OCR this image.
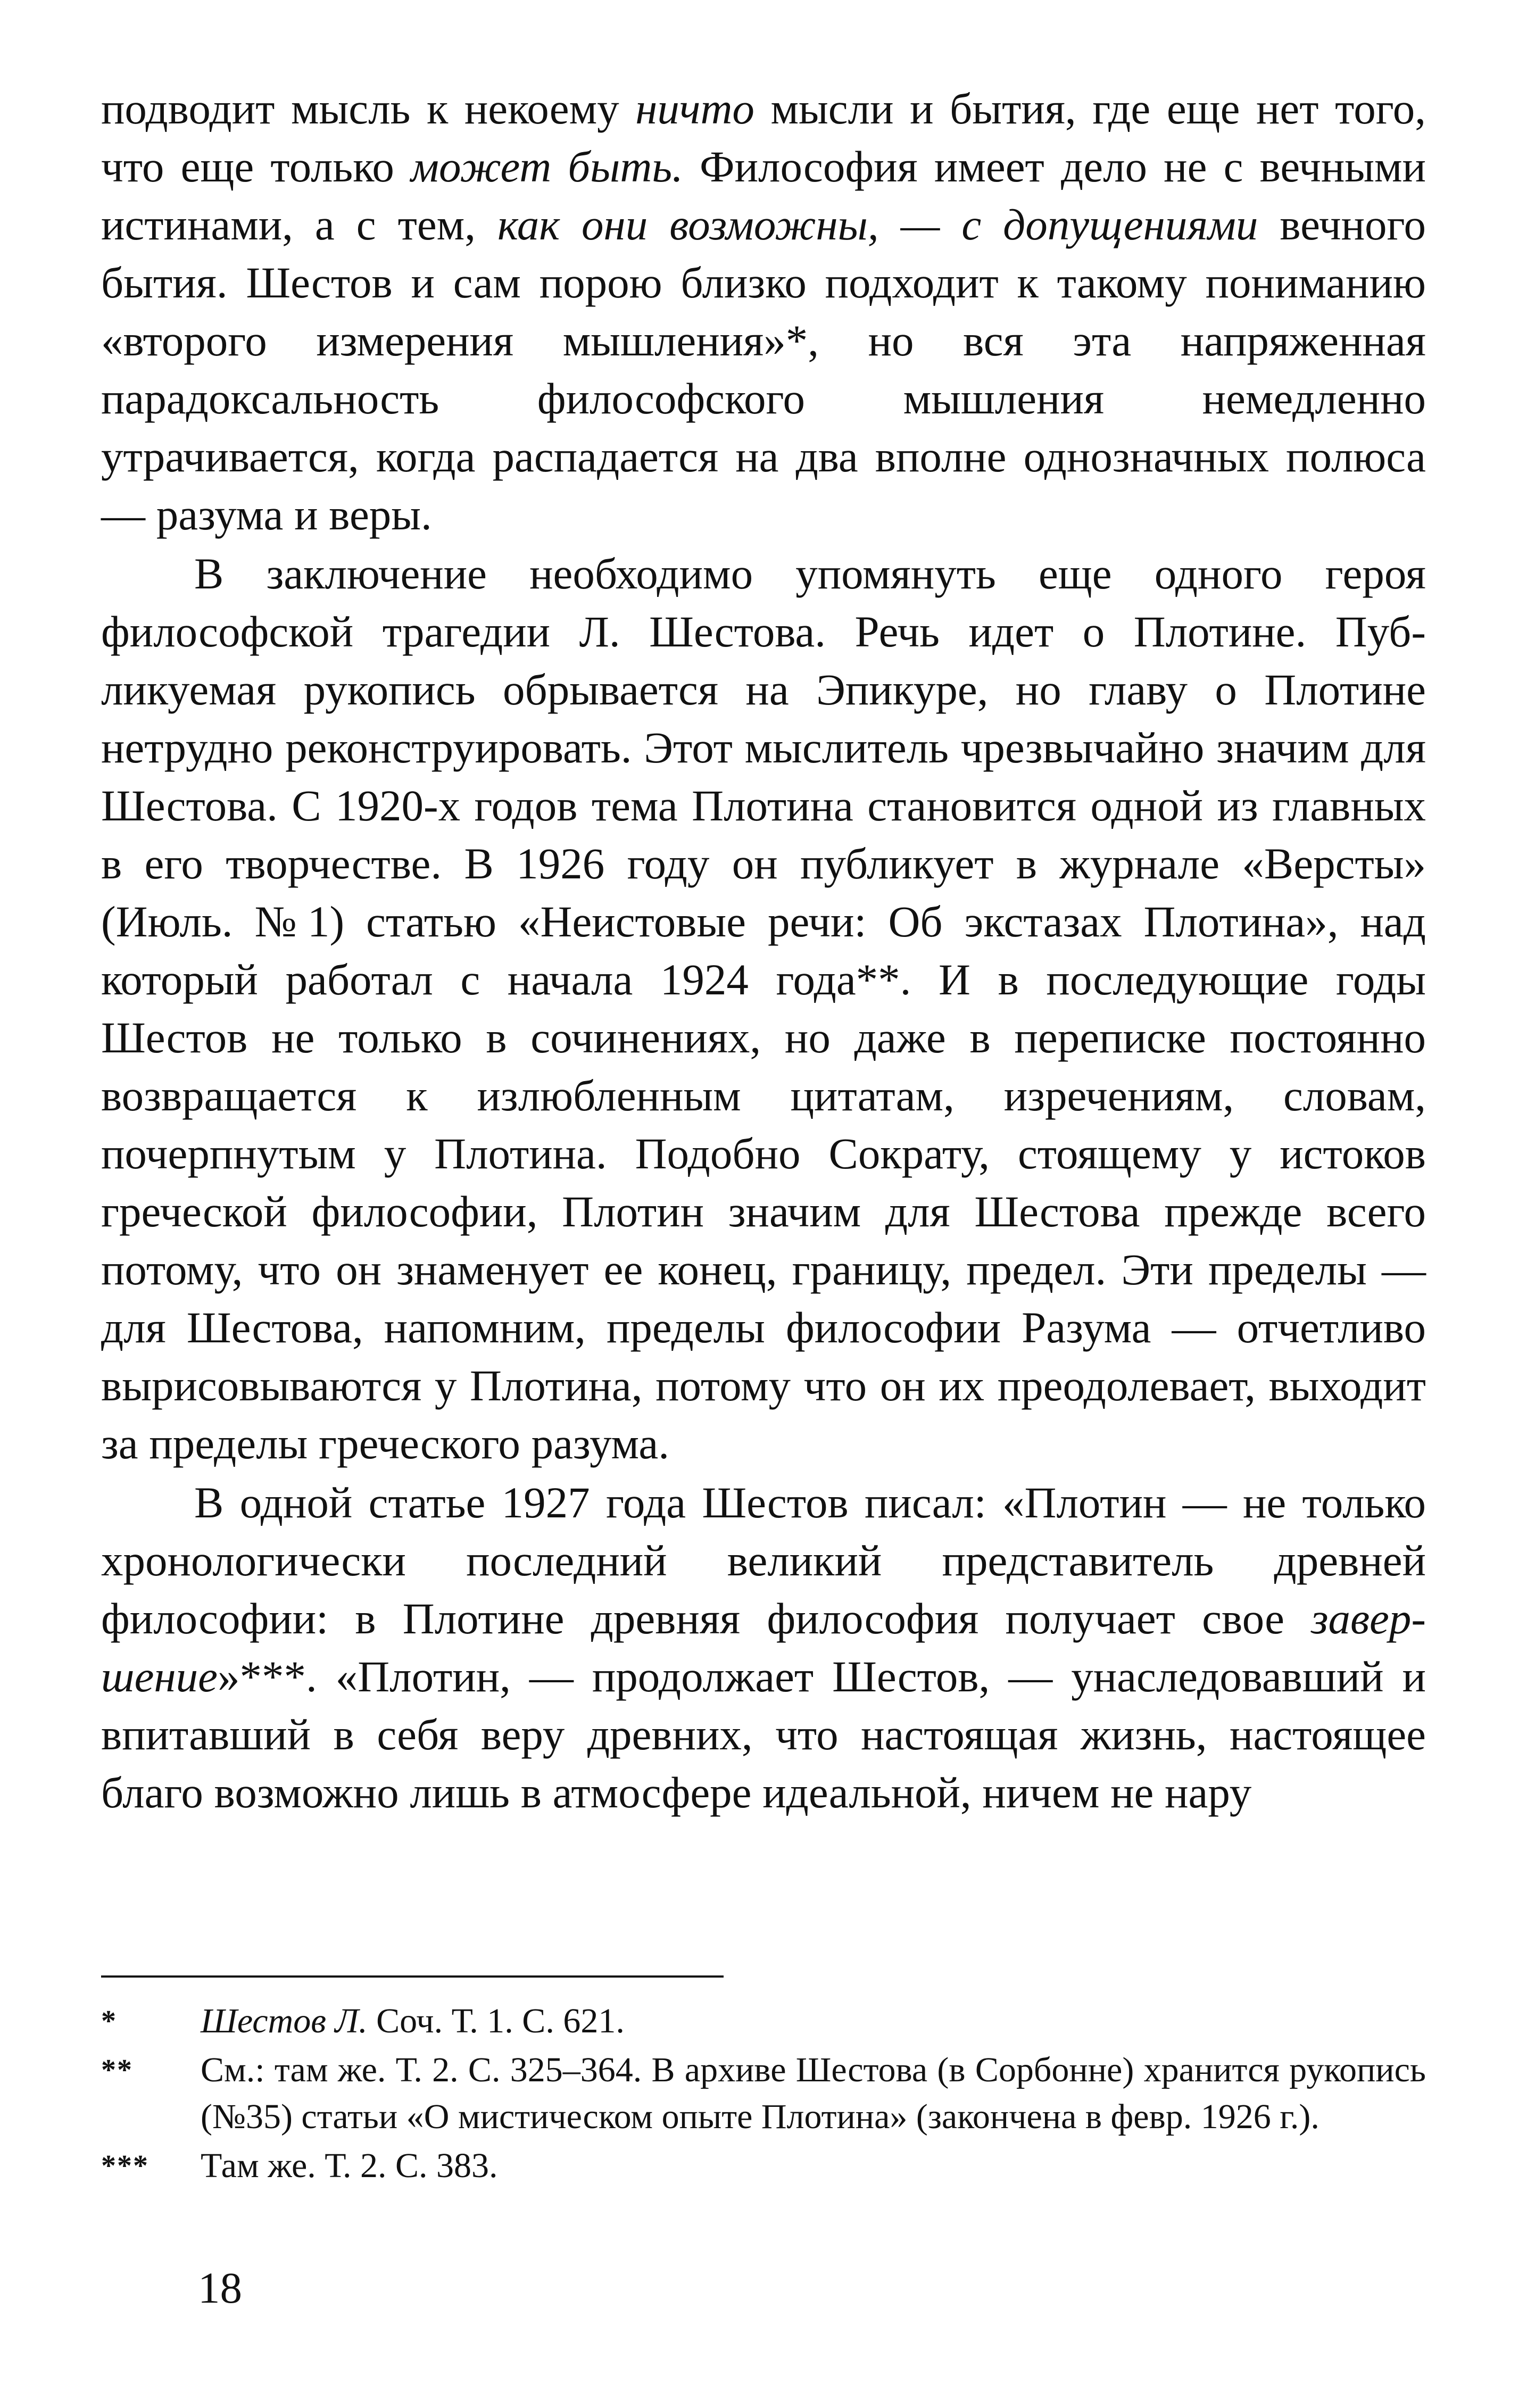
подводит мысль к некоему ничто мысли и бытия, где еще нет того, что еще только может быть. Философия имеет дело не с вечными истинами, а с тем, как они возможны, — с допущениями вечного бытия. Шестов и сам порою близко подходит к такому пониманию «второго измерения мышления»*, но вся эта напряженная парадоксальность философского мышления немедленно утрачивается, когда распадается на два вполне однозначных полюса — разума и веры.

В заключение необходимо упомянуть еще одного героя философской трагедии Л. Шестова. Речь идет о Плотине. Публикуемая рукопись обрывается на Эпикуре, но главу о Плотине нетрудно реконструировать. Этот мыслитель чрезвычайно значим для Шестова. С 1920-х годов тема Плотина становится одной из главных в его творчестве. В 1926 году он публикует в журнале «Версты» (Июль. №1) статью «Неистовые речи: Об экстазах Плотина», над который работал с начала 1924 года**. И в последующие годы Шестов не только в сочинениях, но даже в переписке постоянно возвращается к излюбленным цитатам, изречениям, словам, почерпнутым у Плотина. Подобно Сократу, стоящему у истоков греческой философии, Плотин значим для Шестова прежде всего потому, что он знаменует ее конец, границу, предел. Эти пределы — для Шестова, напомним, пределы философии Разума — отчетливо вырисовываются у Плотина, потому что он их преодолевает, выходит за пределы греческого разума.

В одной статье 1927 года Шестов писал: «Плотин — не только хронологически последний великий представитель древней философии: в Плотине древняя философия получает свое завершение»***. «Плотин, — продолжает Шестов, — унаследовавший и впитавший в себя веру древних, что настоящая жизнь, настоящее благо возможно лишь в атмосфере идеальной, ничем не нару

* Шестов Л. Соч. Т. 1. С. 621.
** См.: там же. Т. 2. С. 325–364. В архиве Шестова (в Сорбонне) хранится рукопись (№35) статьи «О мистическом опыте Плотина» (закончена в февр. 1926 г.).
*** Там же. Т. 2. С. 383.
18
